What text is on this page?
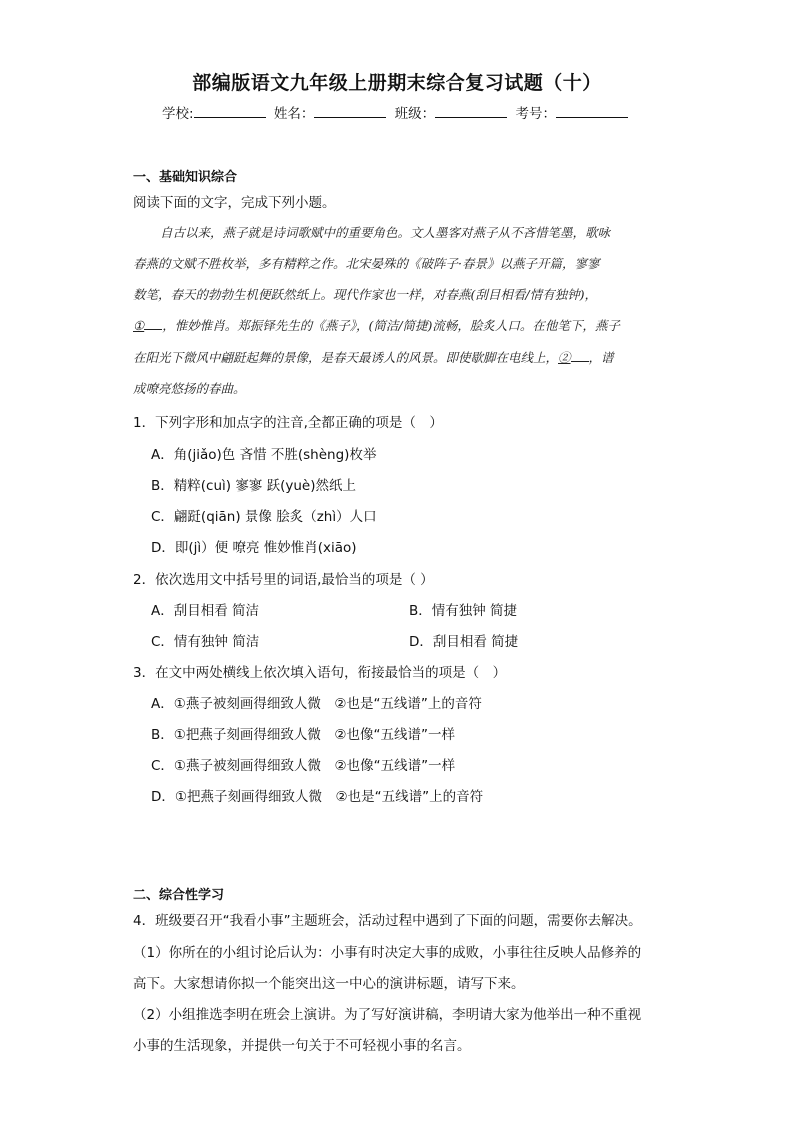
部编版语文九年级上册期末综合复习试题（十）
学校:	姓名：	班级：	考号：
一、基础知识综合
阅读下面的文字，完成下列小题。
自古以来，燕子就是诗词歌赋中的重要角色。文人墨客对燕子从不吝惜笔墨，歌咏
春燕的文赋不胜枚举，多有精粹之作。北宋晏殊的《破阵子·春景》以燕子开篇，寥寥
数笔，春天的勃勃生机便跃然纸上。现代作家也一样，对春燕(刮目相看/情有独钟)，
① ，惟妙惟肖。郑振铎先生的《燕子》，(简洁/简捷)流畅，脍炙人口。在他笔下，燕子
在阳光下微风中翩跹起舞的景像，是春天最诱人的风景。即使歇脚在电线上，② ，谱
成嘹亮悠扬的春曲。
1．下列字形和加点字的注音,全都正确的项是（　）
A．角(jiǎo)色 吝惜 不胜(shèng)枚举
B．精粹(cuì) 寥寥 跃(yuè)然纸上
C．翩跹(qiān) 景像 脍炙（zhì）人口
D．即(jì）便 嘹亮 惟妙惟肖(xiāo)
2．依次选用文中括号里的词语,最恰当的项是（ ）
A．刮目相看 简洁	B．情有独钟 简捷
C．情有独钟 简洁	D．刮目相看 简捷
3．在文中两处横线上依次填入语句，衔接最恰当的项是（　）
A．①燕子被刻画得细致人微　②也是“五线谱”上的音符
B．①把燕子刻画得细致人微　②也像“五线谱”一样
C．①燕子被刻画得细致人微　②也像“五线谱”一样
D．①把燕子刻画得细致人微　②也是“五线谱”上的音符
二、综合性学习
4．班级要召开“我看小事”主题班会，活动过程中遇到了下面的问题，需要你去解决。
（1）你所在的小组讨论后认为：小事有时决定大事的成败，小事往往反映人品修养的
高下。大家想请你拟一个能突出这一中心的演讲标题，请写下来。
（2）小组推选李明在班会上演讲。为了写好演讲稿，李明请大家为他举出一种不重视
小事的生活现象，并提供一句关于不可轻视小事的名言。
